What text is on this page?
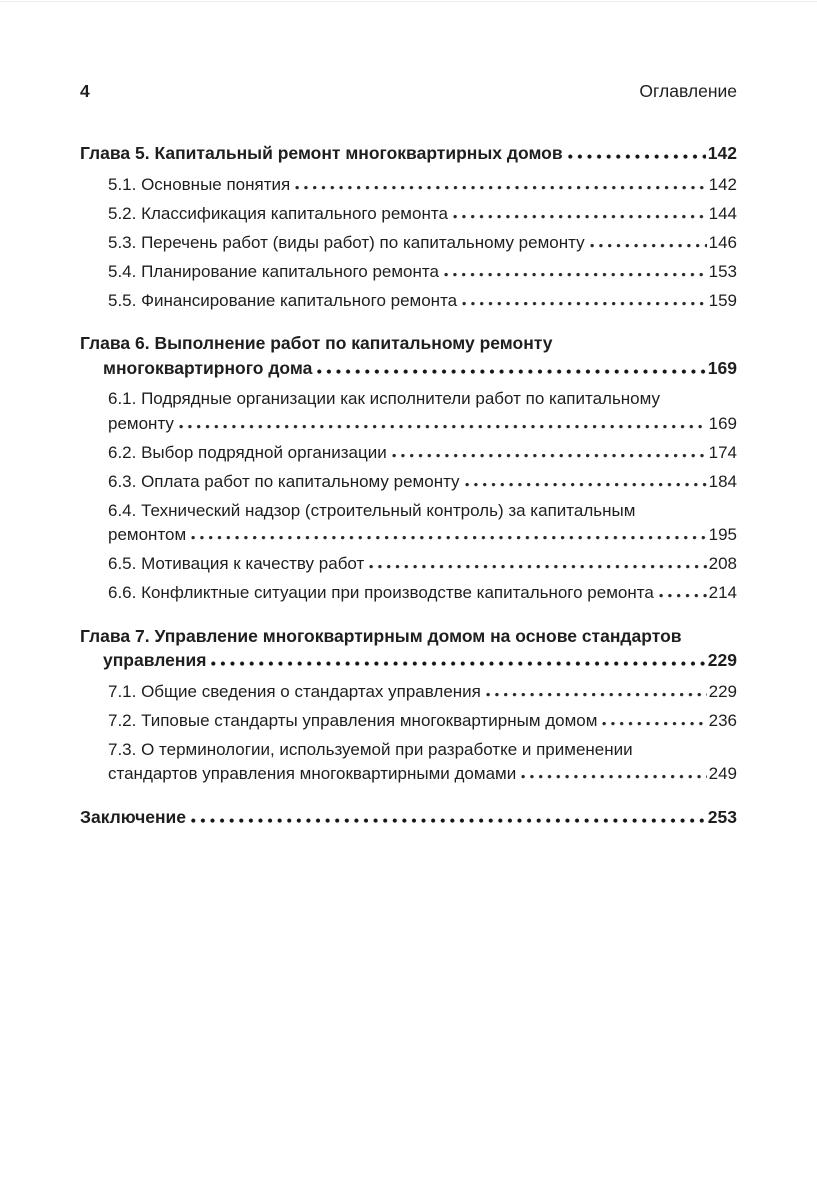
4	Оглавление
Глава 5. Капитальный ремонт многоквартирных домов	142
5.1. Основные понятия	142
5.2. Классификация капитального ремонта	144
5.3. Перечень работ (виды работ) по капитальному ремонту	146
5.4. Планирование капитального ремонта	153
5.5. Финансирование капитального ремонта	159
Глава 6. Выполнение работ по капитальному ремонту
многоквартирного дома	169
6.1. Подрядные организации как исполнители работ по капитальному
ремонту	169
6.2. Выбор подрядной организации	174
6.3. Оплата работ по капитальному ремонту	184
6.4. Технический надзор (строительный контроль) за капитальным
ремонтом	195
6.5. Мотивация к качеству работ	208
6.6. Конфликтные ситуации при производстве капитального ремонта	214
Глава 7. Управление многоквартирным домом на основе стандартов
управления	229
7.1. Общие сведения о стандартах управления	229
7.2. Типовые стандарты управления многоквартирным домом	236
7.3. О терминологии, используемой при разработке и применении
стандартов управления многоквартирными домами	249
Заключение	253
